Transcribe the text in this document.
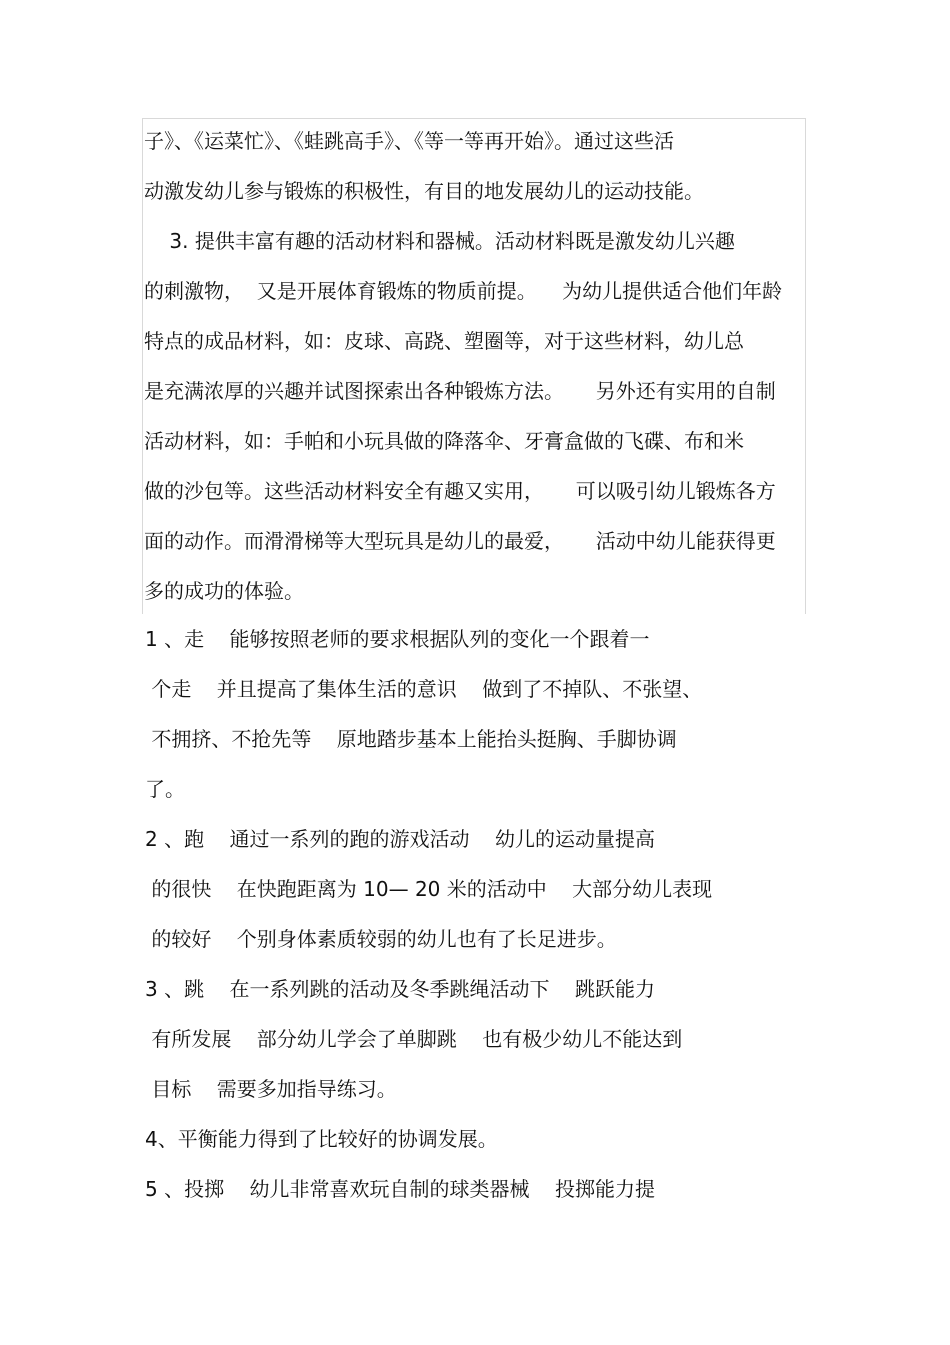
子》、《运菜忙》、《蛙跳高手》、《等一等再开始》。通过这些活
动激发幼儿参与锻炼的积极性，有目的地发展幼儿的运动技能。
3. 提供丰富有趣的活动材料和器械。活动材料既是激发幼儿兴趣
的刺激物，  又是开展体育锻炼的物质前提。    为幼儿提供适合他们年龄
特点的成品材料，如：皮球、高跷、塑圈等，对于这些材料，幼儿总
是充满浓厚的兴趣并试图探索出各种锻炼方法。     另外还有实用的自制
活动材料，如：手帕和小玩具做的降落伞、牙膏盒做的飞碟、布和米
做的沙包等。这些活动材料安全有趣又实用，     可以吸引幼儿锻炼各方
面的动作。而滑滑梯等大型玩具是幼儿的最爱，     活动中幼儿能获得更
多的成功的体验。
1 、走    能够按照老师的要求根据队列的变化一个跟着一
个走    并且提高了集体生活的意识    做到了不掉队、不张望、
不拥挤、不抢先等    原地踏步基本上能抬头挺胸、手脚协调
了。
2 、跑    通过一系列的跑的游戏活动    幼儿的运动量提高
的很快    在快跑距离为 10— 20 米的活动中    大部分幼儿表现
的较好    个别身体素质较弱的幼儿也有了长足进步。
3 、跳    在一系列跳的活动及冬季跳绳活动下    跳跃能力
有所发展    部分幼儿学会了单脚跳    也有极少幼儿不能达到
目标    需要多加指导练习。
4、平衡能力得到了比较好的协调发展。
5 、投掷    幼儿非常喜欢玩自制的球类器械    投掷能力提
